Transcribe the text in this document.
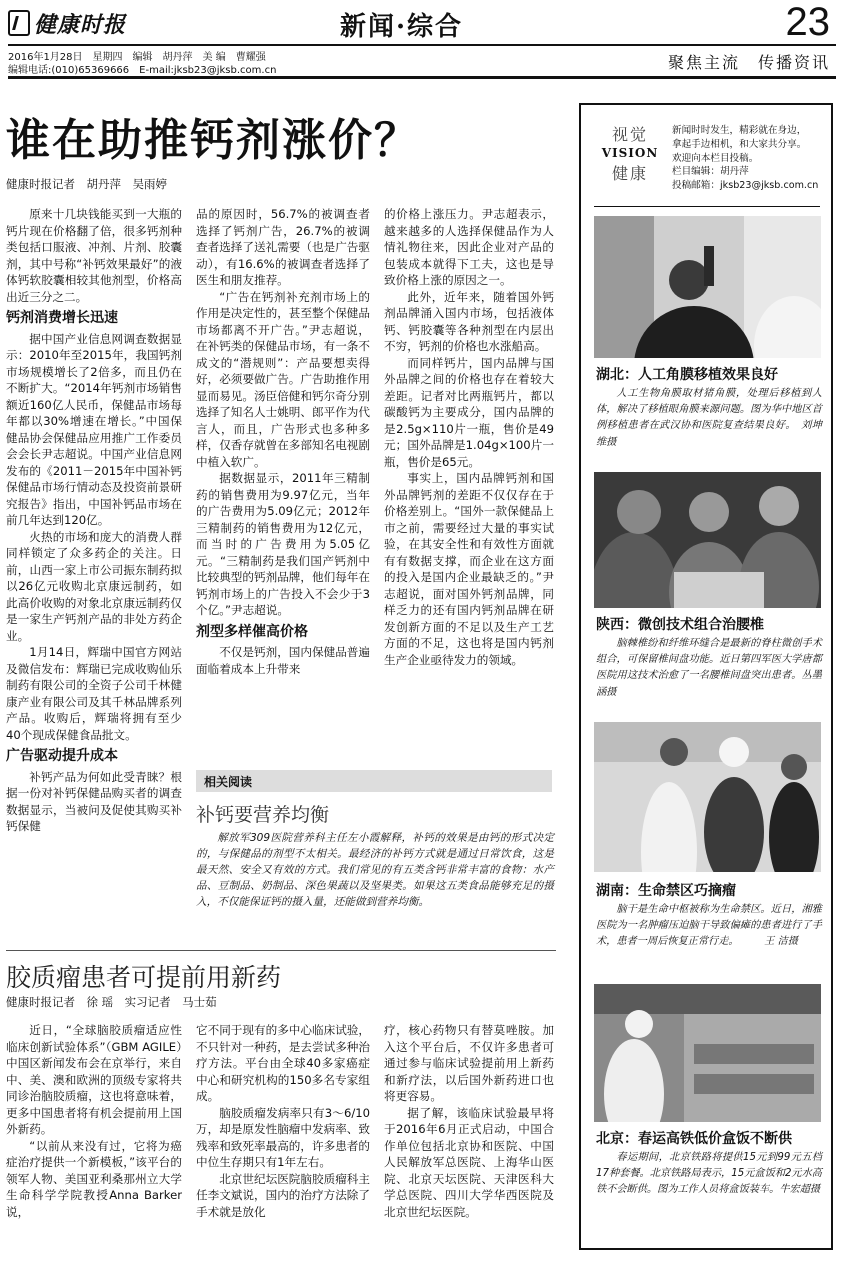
健康时报	新闻·综合	23
2016年1月28日　星期四　编辑　胡丹萍　美 编　曹耀强
编辑电话:(010)65369666　E-mail:jksb23@jksb.com.cn	聚焦主流　传播资讯
谁在助推钙剂涨价？
健康时报记者　胡丹萍　吴雨婷

原来十几块钱能买到一大瓶的钙片现在价格翻了倍，很多钙剂种类包括口服液、冲剂、片剂、胶囊剂，其中号称“补钙效果最好”的液体钙软胶囊相较其他剂型，价格高出近三分之二。

钙剂消费增长迅速

据中国产业信息网调查数据显示：2010年至2015年，我国钙剂市场规模增长了2倍多，而且仍在不断扩大。“2014年钙剂市场销售额近160亿人民币，保健品市场每年都以30%增速在增长。”中国保健品协会保健品应用推广工作委员会会长尹志超说。中国产业信息网发布的《2011－2015年中国补钙保健品市场行情动态及投资前景研究报告》指出，中国补钙品市场在前几年达到120亿。

火热的市场和庞大的消费人群同样锁定了众多药企的关注。日前，山西一家上市公司振东制药拟以26亿元收购北京康远制药，如此高价收购的对象北京康远制药仅是一家生产钙剂产品的非处方药企业。

1月14日，辉瑞中国官方网站及微信发布：辉瑞已完成收购仙乐制药有限公司的全资子公司千林健康产业有限公司及其千林品牌系列产品。收购后，辉瑞将拥有至少40个现成保健食品批文。

广告驱动提升成本

补钙产品为何如此受青睐？根据一份对补钙保健品购买者的调查数据显示，当被问及促使其购买补钙保健

品的原因时，56.7%的被调查者选择了钙剂广告，26.7%的被调查者选择了送礼需要（也是广告驱动），有16.6%的被调查者选择了医生和朋友推荐。

“广告在钙剂补充剂市场上的作用是决定性的，甚至整个保健品市场都离不开广告。”尹志超说，在补钙类的保健品市场，有一条不成文的“潜规则”：产品要想卖得好，必须要做广告。广告助推作用显而易见。汤臣倍健和钙尔奇分别选择了知名人士姚明、郎平作为代言人，而且，广告形式也多种多样，仅香存就曾在多部知名电视剧中植入软广。

据数据显示，2011年三精制药的销售费用为9.97亿元，当年的广告费用为5.09亿元；2012年三精制药的销售费用为12亿元，而当时的广告费用为5.05亿元。“三精制药是我们国产钙剂中比较典型的钙剂品牌，他们每年在钙剂市场上的广告投入不会少于3个亿。”尹志超说。

剂型多样催高价格

不仅是钙剂，国内保健品普遍面临着成本上升带来

的价格上涨压力。尹志超表示，越来越多的人选择保健品作为人情礼物往来，因此企业对产品的包装成本就得下工夫，这也是导致价格上涨的原因之一。

此外，近年来，随着国外钙剂品牌涌入国内市场，包括液体钙、钙胶囊等各种剂型在内层出不穷，钙剂的价格也水涨船高。

而同样钙片，国内品牌与国外品牌之间的价格也存在着较大差距。记者对比两瓶钙片，都以碳酸钙为主要成分，国内品牌的是2.5g×110片一瓶，售价是49元；国外品牌是1.04g×100片一瓶，售价是65元。

事实上，国内品牌钙剂和国外品牌钙剂的差距不仅仅存在于价格差别上。“国外一款保健品上市之前，需要经过大量的事实试验，在其安全性和有效性方面就有有数据支撑，而企业在这方面的投入是国内企业最缺乏的。”尹志超说，面对国外钙剂品牌，同样乏力的还有国内钙剂品牌在研发创新方面的不足以及生产工艺方面的不足，这也将是国内钙剂生产企业亟待发力的领域。

相关阅读
补钙要营养均衡
解放军309医院营养科主任左小霞解释，补钙的效果是由钙的形式决定的，与保健品的剂型不太相关。最经济的补钙方式就是通过日常饮食，这是最天然、安全又有效的方式。我们常见的有五类含钙非常丰富的食物：水产品、豆制品、奶制品、深色果蔬以及坚果类。如果这五类食品能够充足的摄入，不仅能保证钙的摄入量，还能做到营养均衡。
胶质瘤患者可提前用新药
健康时报记者　徐 瑶　实习记者　马士茹

近日，“全球脑胶质瘤适应性临床创新试验体系”（GBM AGILE）中国区新闻发布会在京举行，来自中、美、澳和欧洲的顶级专家将共同诊治脑胶质瘤，这也将意味着，更多中国患者将有机会提前用上国外新药。

“以前从来没有过，它将为癌症治疗提供一个新模板，”该平台的领军人物、美国亚利桑那州立大学生命科学学院教授Anna Barker说，

它不同于现有的多中心临床试验，不只针对一种药，是去尝试多种治疗方法。平台由全球40多家癌症中心和研究机构的150多名专家组成。

脑胶质瘤发病率只有3～6/10万，却是原发性脑瘤中发病率、致残率和致死率最高的，许多患者的中位生存期只有1年左右。

北京世纪坛医院脑胶质瘤科主任李文斌说，国内的治疗方法除了手术就是放化

疗，核心药物只有替莫唑胺。加入这个平台后，不仅许多患者可通过参与临床试验提前用上新药和新疗法，以后国外新药进口也将更容易。

据了解，该临床试验最早将于2016年6月正式启动，中国合作单位包括北京协和医院、中国人民解放军总医院、上海华山医院、北京天坛医院、天津医科大学总医院、四川大学华西医院及北京世纪坛医院。

视觉
VISION
健康
新闻时时发生，精彩就在身边，
拿起手边相机，和大家共分享。
欢迎向本栏目投稿。
栏目编辑：胡丹萍
投稿邮箱：jksb23@jksb.com.cn
湖北：人工角膜移植效果良好
人工生物角膜取材猪角膜，处理后移植到人体，解决了移植眼角膜来源问题。图为华中地区首例移植患者在武汉协和医院复查结果良好。　刘坤维摄
陕西：微创技术组合治腰椎
脑棘椎纷和纤维环缝合是最新的脊柱微创手术组合，可保留椎间盘功能。近日第四军医大学唐都医院用这技术治愈了一名腰椎间盘突出患者。丛墨涵摄
湖南：生命禁区巧摘瘤
脑干是生命中枢被称为生命禁区。近日，湘雅医院为一名肿瘤压迫脑干导致偏瘫的患者进行了手术，患者一周后恢复正常行走。　　　王 洁摄
北京：春运高铁低价盒饭不断供
春运期间，北京铁路将提供15元到99元五档17种套餐。北京铁路局表示，15元盒饭和2元水高铁不会断供。图为工作人员将盒饭装车。牛宏超摄
